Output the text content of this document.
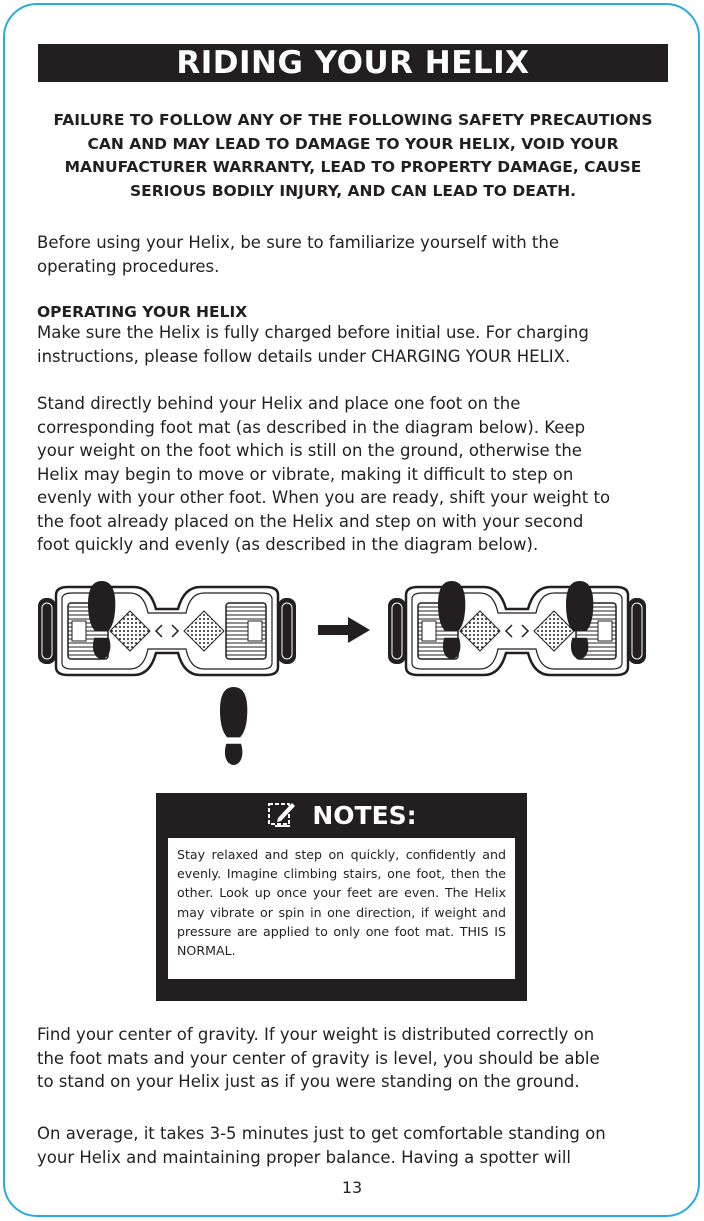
RIDING YOUR HELIX
FAILURE TO FOLLOW ANY OF THE FOLLOWING SAFETY PRECAUTIONS CAN AND MAY LEAD TO DAMAGE TO YOUR HELIX, VOID YOUR MANUFACTURER WARRANTY, LEAD TO PROPERTY DAMAGE, CAUSE SERIOUS BODILY INJURY, AND CAN LEAD TO DEATH.
Before using your Helix, be sure to familiarize yourself with the
operating procedures.
OPERATING YOUR HELIX
Make sure the Helix is fully charged before initial use. For charging
instructions, please follow details under CHARGING YOUR HELIX.
Stand directly behind your Helix and place one foot on the
corresponding foot mat (as described in the diagram below). Keep
your weight on the foot which is still on the ground, otherwise the
Helix may begin to move or vibrate, making it difficult to step on
evenly with your other foot. When you are ready, shift your weight to
the foot already placed on the Helix and step on with your second
foot quickly and evenly (as described in the diagram below).
NOTES:
Stay relaxed and step on quickly, confidently and evenly. Imagine climbing stairs, one foot, then the other. Look up once your feet are even. The Helix may vibrate or spin in one direction, if weight and pressure are applied to only one foot mat. THIS IS NORMAL.
Find your center of gravity. If your weight is distributed correctly on
the foot mats and your center of gravity is level, you should be able
to stand on your Helix just as if you were standing on the ground.
On average, it takes 3-5 minutes just to get comfortable standing on
your Helix and maintaining proper balance. Having a spotter will
13
